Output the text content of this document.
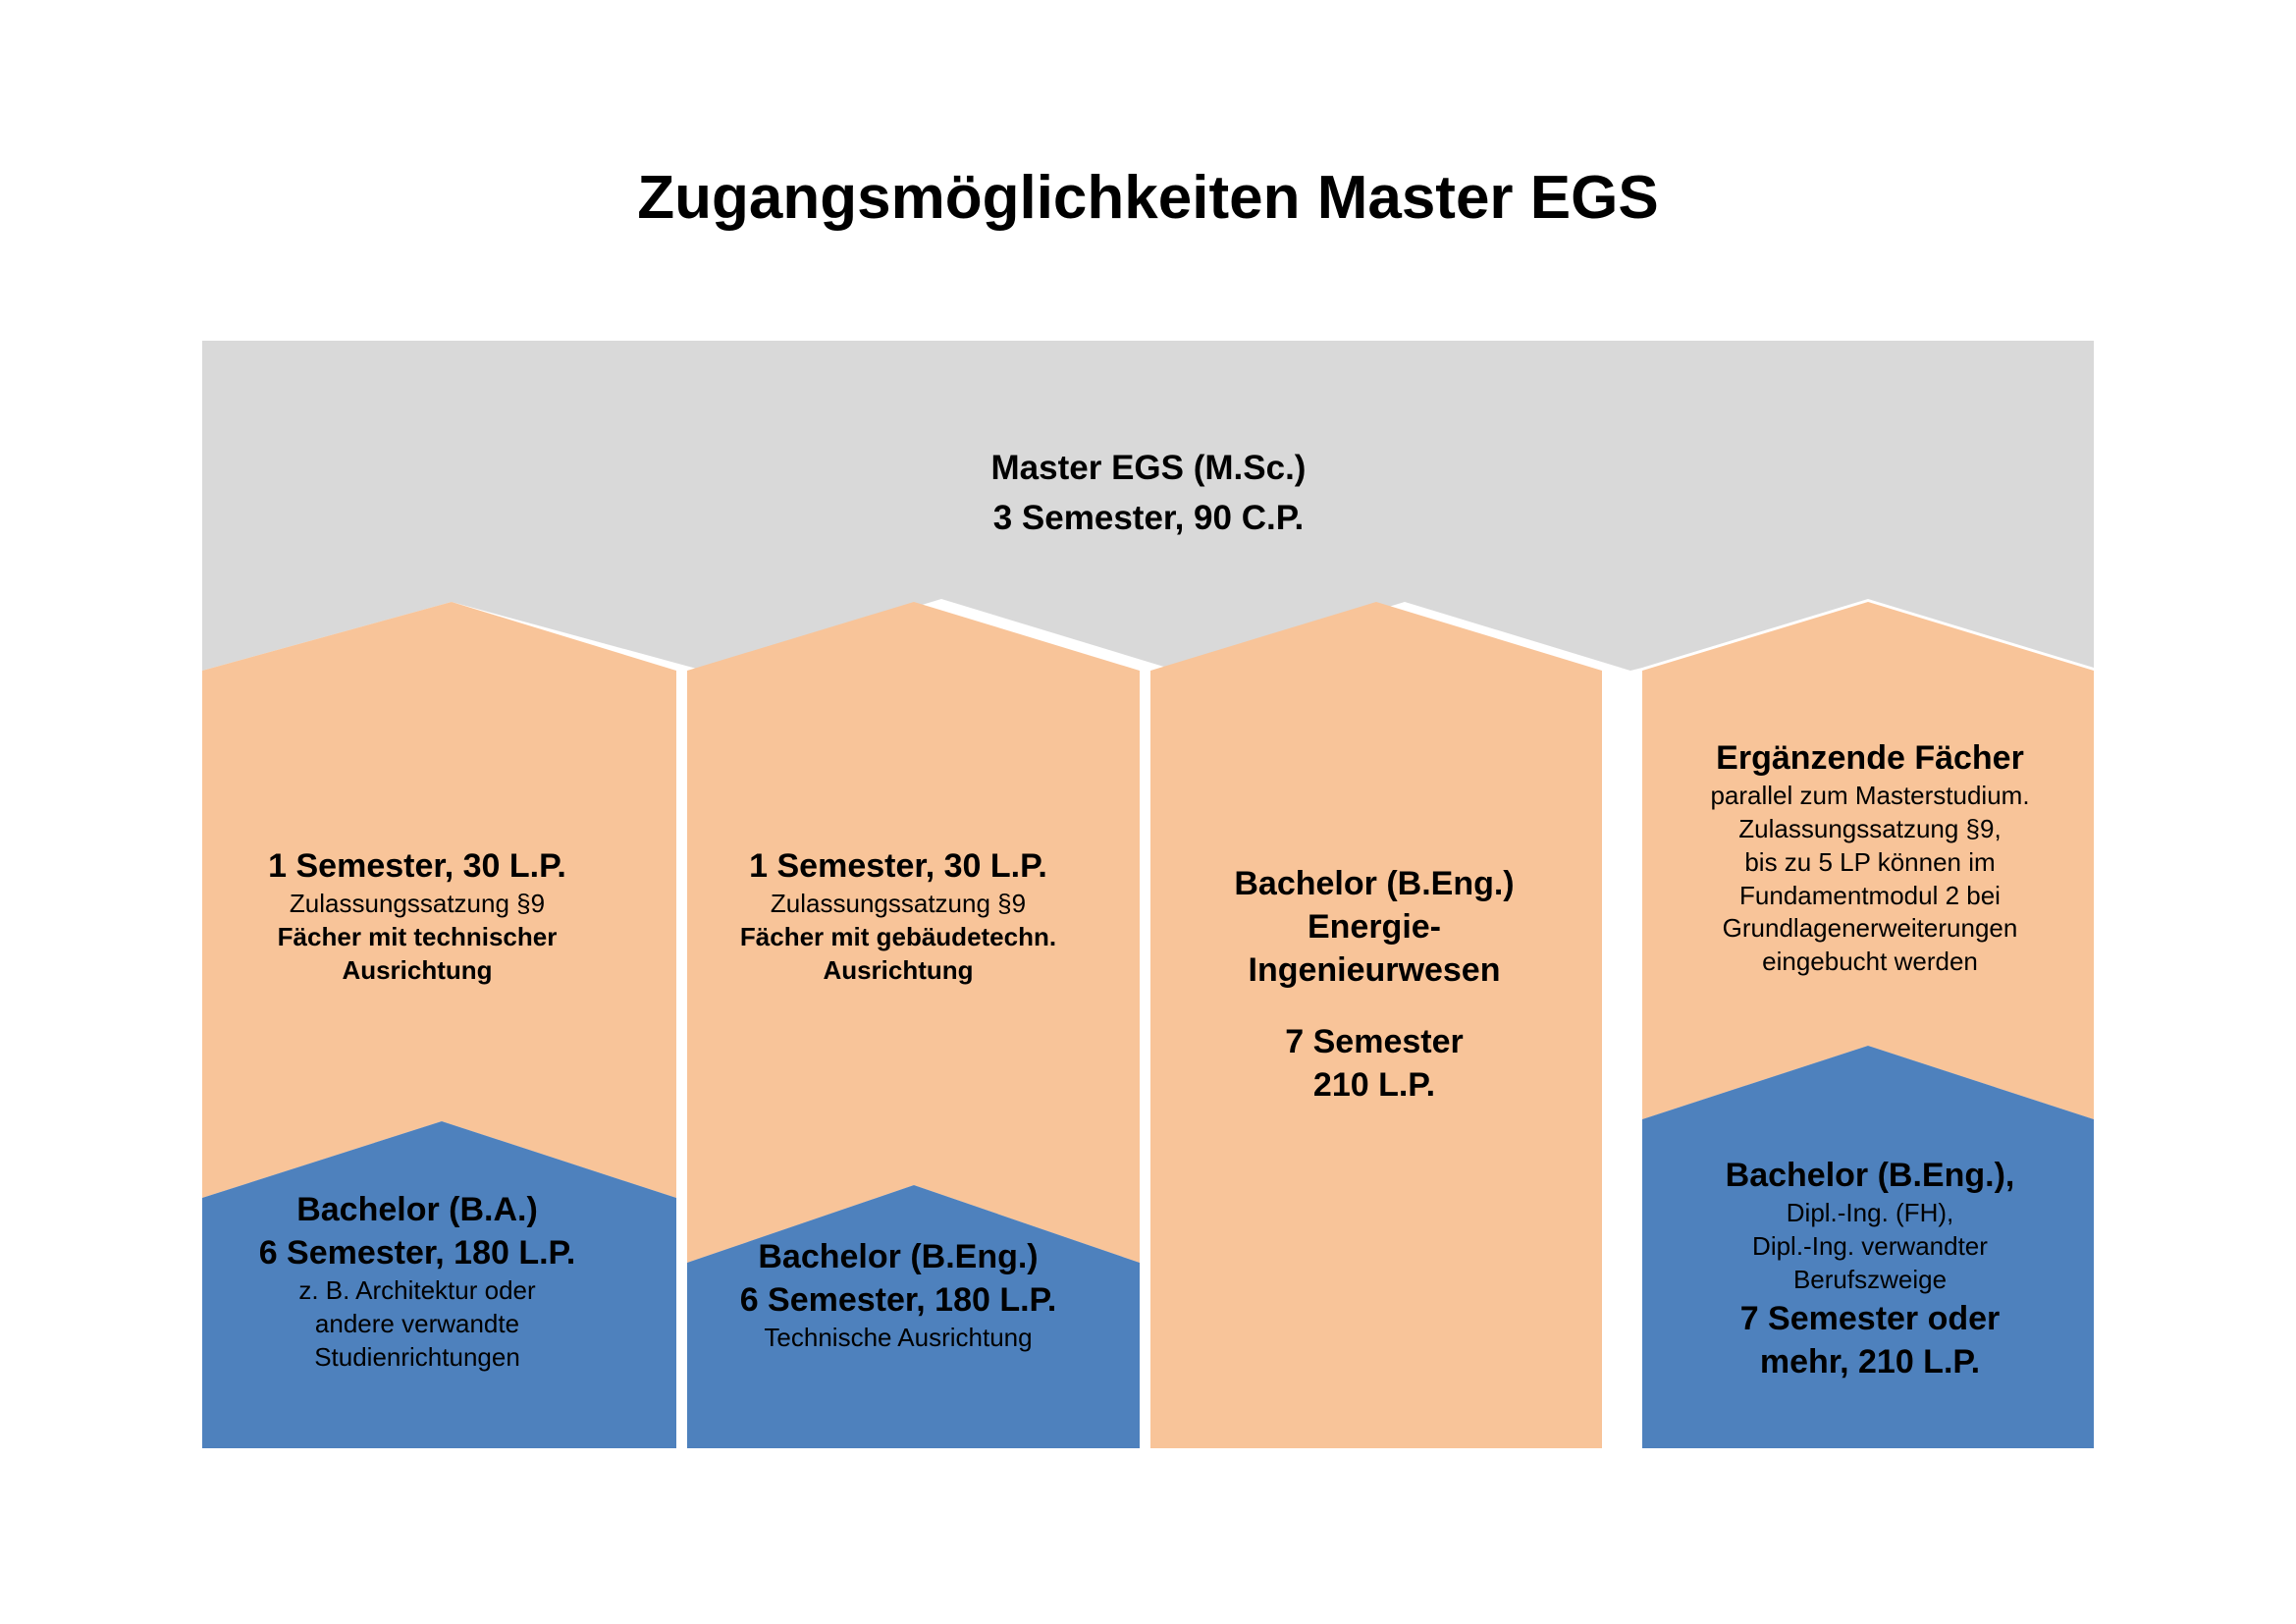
Zugangsmöglichkeiten Master EGS
Master EGS (M.Sc.)
3 Semester, 90 C.P.
1 Semester, 30 L.P.
Zulassungssatzung §9
Fächer mit technischer
Ausrichtung
Bachelor (B.A.)
6 Semester, 180 L.P.
z. B. Architektur oder
andere verwandte
Studienrichtungen
1 Semester, 30 L.P.
Zulassungssatzung §9
Fächer mit gebäudetechn.
Ausrichtung
Bachelor (B.Eng.)
6 Semester, 180 L.P.
Technische Ausrichtung
Bachelor (B.Eng.)
Energie-
Ingenieurwesen
7 Semester
210 L.P.
Ergänzende Fächer
parallel zum Masterstudium.
Zulassungssatzung §9,
bis zu 5 LP können im
Fundamentmodul 2 bei
Grundlagenerweiterungen
eingebucht werden
Bachelor (B.Eng.),
Dipl.-Ing. (FH),
Dipl.-Ing. verwandter
Berufszweige
7 Semester oder
mehr, 210 L.P.
